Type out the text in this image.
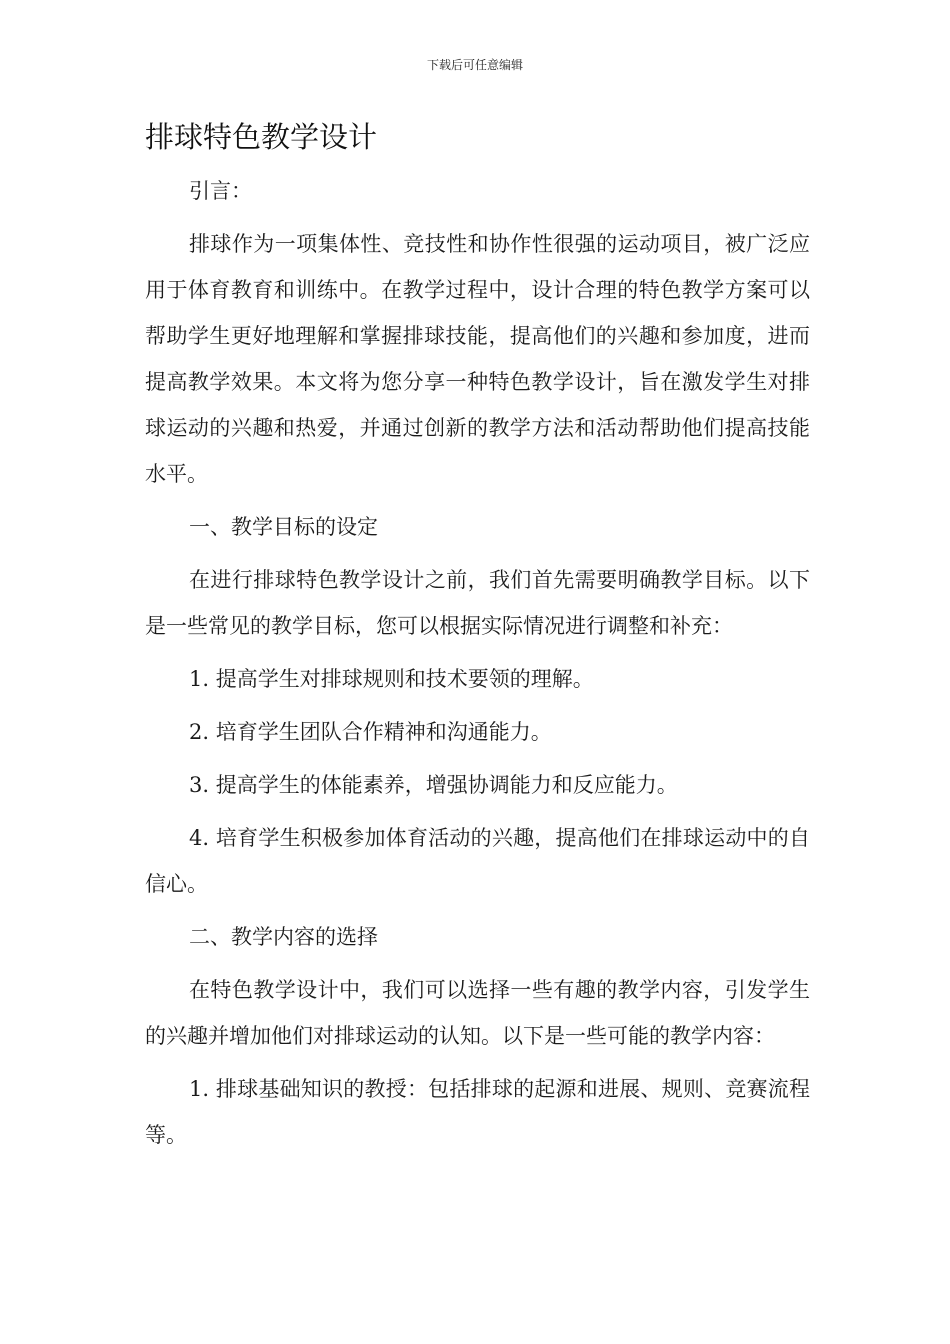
下载后可任意编辑
排球特色教学设计

引言：

排球作为一项集体性、竞技性和协作性很强的运动项目，被广泛应用于体育教育和训练中。在教学过程中，设计合理的特色教学方案可以帮助学生更好地理解和掌握排球技能，提高他们的兴趣和参加度，进而提高教学效果。本文将为您分享一种特色教学设计，旨在激发学生对排球运动的兴趣和热爱，并通过创新的教学方法和活动帮助他们提高技能水平。

一、教学目标的设定

在进行排球特色教学设计之前，我们首先需要明确教学目标。以下是一些常见的教学目标，您可以根据实际情况进行调整和补充：

1. 提高学生对排球规则和技术要领的理解。

2. 培育学生团队合作精神和沟通能力。

3. 提高学生的体能素养，增强协调能力和反应能力。

4. 培育学生积极参加体育活动的兴趣，提高他们在排球运动中的自信心。

二、教学内容的选择

在特色教学设计中，我们可以选择一些有趣的教学内容，引发学生的兴趣并增加他们对排球运动的认知。以下是一些可能的教学内容：

1. 排球基础知识的教授：包括排球的起源和进展、规则、竞赛流程等。
